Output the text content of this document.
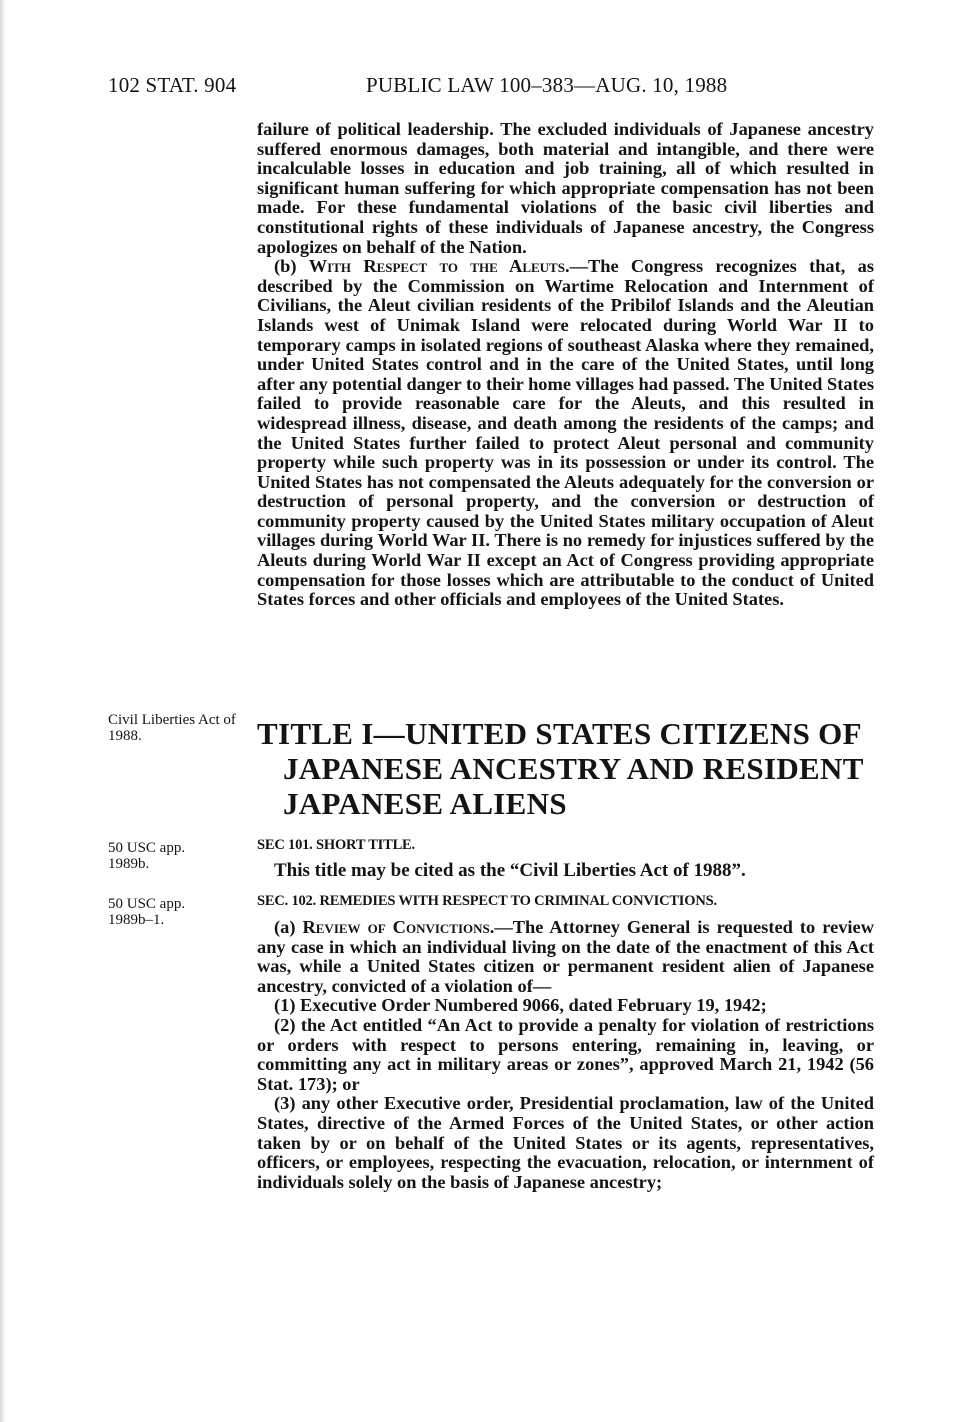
102 STAT. 904	PUBLIC LAW 100–383—AUG. 10, 1988

failure of political leadership. The excluded individuals of Japanese ancestry suffered enormous damages, both material and intangible, and there were incalculable losses in education and job training, all of which resulted in significant human suffering for which appropriate compensation has not been made. For these fundamental violations of the basic civil liberties and constitutional rights of these individuals of Japanese ancestry, the Congress apologizes on behalf of the Nation.

(b) With Respect to the Aleuts.—The Congress recognizes that, as described by the Commission on Wartime Relocation and Internment of Civilians, the Aleut civilian residents of the Pribilof Islands and the Aleutian Islands west of Unimak Island were relocated during World War II to temporary camps in isolated regions of southeast Alaska where they remained, under United States control and in the care of the United States, until long after any potential danger to their home villages had passed. The United States failed to provide reasonable care for the Aleuts, and this resulted in widespread illness, disease, and death among the residents of the camps; and the United States further failed to protect Aleut personal and community property while such property was in its possession or under its control. The United States has not compensated the Aleuts adequately for the conversion or destruction of personal property, and the conversion or destruction of community property caused by the United States military occupation of Aleut villages during World War II. There is no remedy for injustices suffered by the Aleuts during World War II except an Act of Congress providing appropriate compensation for those losses which are attributable to the conduct of United States forces and other officials and employees of the United States.

Civil Liberties Act of 1988.	TITLE I—UNITED STATES CITIZENS OF
JAPANESE ANCESTRY AND RESIDENT
JAPANESE ALIENS
50 USC app. 1989b.
SEC 101. SHORT TITLE.

This title may be cited as the “Civil Liberties Act of 1988”.

50 USC app. 1989b–1.
SEC. 102. REMEDIES WITH RESPECT TO CRIMINAL CONVICTIONS.

(a) Review of Convictions.—The Attorney General is requested to review any case in which an individual living on the date of the enactment of this Act was, while a United States citizen or permanent resident alien of Japanese ancestry, convicted of a violation of—

(1) Executive Order Numbered 9066, dated February 19, 1942;

(2) the Act entitled “An Act to provide a penalty for violation of restrictions or orders with respect to persons entering, remaining in, leaving, or committing any act in military areas or zones”, approved March 21, 1942 (56 Stat. 173); or

(3) any other Executive order, Presidential proclamation, law of the United States, directive of the Armed Forces of the United States, or other action taken by or on behalf of the United States or its agents, representatives, officers, or employees, respecting the evacuation, relocation, or internment of individuals solely on the basis of Japanese ancestry;
